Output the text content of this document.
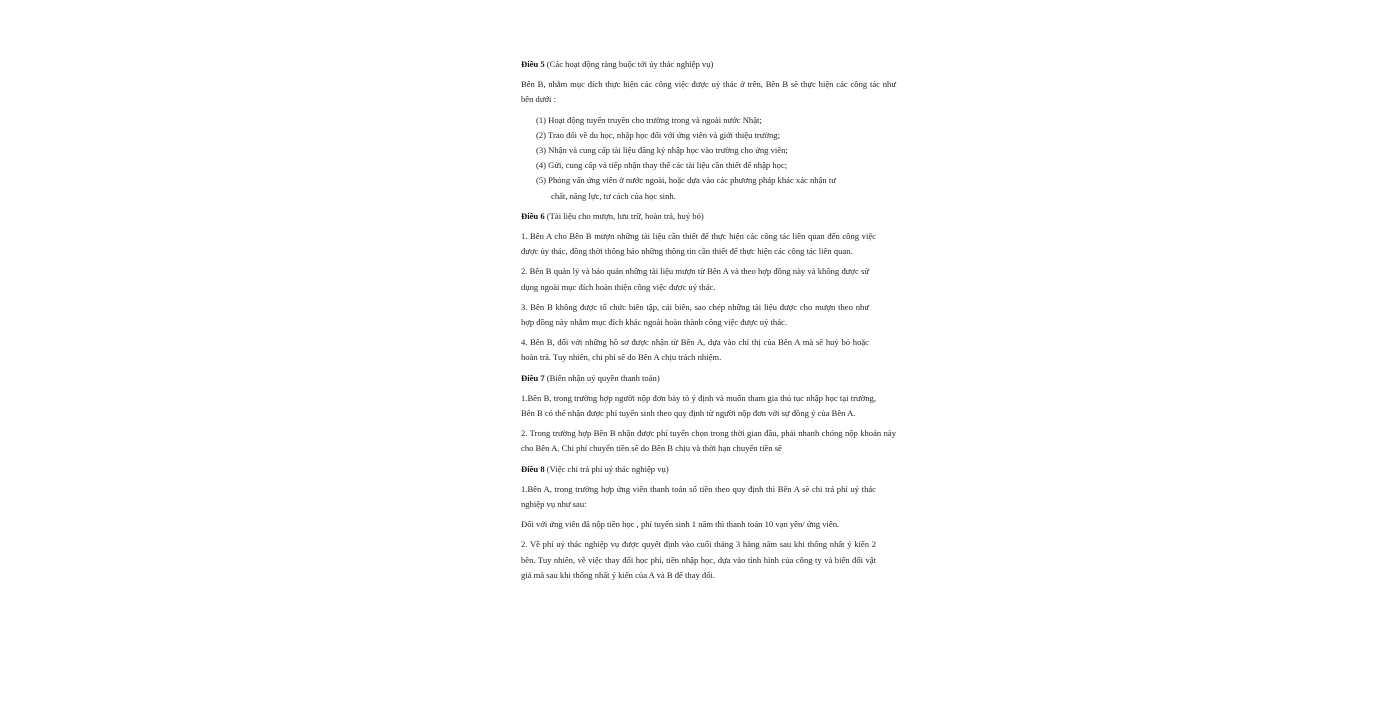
Điều 5 (Các hoạt động ràng buộc tới ủy thác nghiệp vụ)
Bên B, nhằm mục đích thực hiện các công việc được uỷ thác ở trên, Bên B sẽ thực hiện các công tác như bên dưới :
(1) Hoạt động tuyển truyền cho trường trong và ngoài nước Nhật;
(2) Trao đổi về du học, nhập học đối với ứng viên và giới thiệu trường;
(3) Nhận và cung cấp tài liệu đăng ký nhập học vào trường cho ứng viên;
(4) Gửi, cung cấp và tiếp nhận thay thế các tài liệu cần thiết để nhập học;
(5) Phỏng vấn ứng viên ở nước ngoài, hoặc dựa vào các phương pháp khác xác nhận tư
chất, năng lực, tư cách của học sinh.
Điều 6 (Tài liệu cho mượn, lưu trữ, hoàn trả, huỷ bỏ)
1. Bên A cho Bên B mượn những tài liệu cần thiết để thực hiện các công tác liên quan đến công việc được ủy thác, đồng thời thông báo những thông tin cần thiết để thực hiện các công tác liên quan.
2. Bên B quản lý và bảo quản những tài liệu mượn từ Bên A và theo hợp đồng này và không được sử dụng ngoài mục đích hoàn thiện công việc được uỷ thác.
3. Bên B không được tổ chức biên tập, cải biên, sao chép những tài liệu được cho mượn theo như hợp đồng này nhằm mục đích khác ngoài hoàn thành công việc được uỷ thác.
4. Bên B, đối với những hồ sơ được nhận từ Bên A, dựa vào chỉ thị của Bên A mà sẽ huỷ bỏ hoặc hoàn trả. Tuy nhiên, chi phí sẽ do Bên A chịu trách nhiệm.
Điều 7 (Biên nhận uỷ quyền thanh toán)
1.Bên B, trong trường hợp người nộp đơn bày tỏ ý định và muốn tham gia thủ tục nhập học tại trường, Bên B có thể nhận được phí tuyển sinh theo quy định từ người nộp đơn với sự đồng ý của Bên A.
2. Trong trường hợp Bên B nhận được phí tuyển chọn trong thời gian đầu, phải nhanh chóng nộp khoản này cho Bên A. Chi phí chuyển tiền sẽ do Bên B chịu và thời hạn chuyển tiền sẽ
Điều 8 (Việc chi trả phí uỷ thác nghiệp vụ)
1.Bên A, trong trường hợp ứng viên thanh toán số tiền theo quy định thì Bên A sẽ chi trả phí uỷ thác nghiệp vụ như sau:
Đối với ứng viên đã nộp tiền học , phí tuyển sinh 1 năm thì thanh toán 10 vạn yên/ ứng viên.
2. Về phí uỷ thác nghiệp vụ được quyết định vào cuối tháng 3 hàng năm sau khi thống nhất ý kiến 2 bên. Tuy nhiên, về việc thay đổi học phí, tiền nhập học, dựa vào tình hình của công ty và biến đổi vật giá mà sau khi thống nhất ý kiến của A và B để thay đổi.
